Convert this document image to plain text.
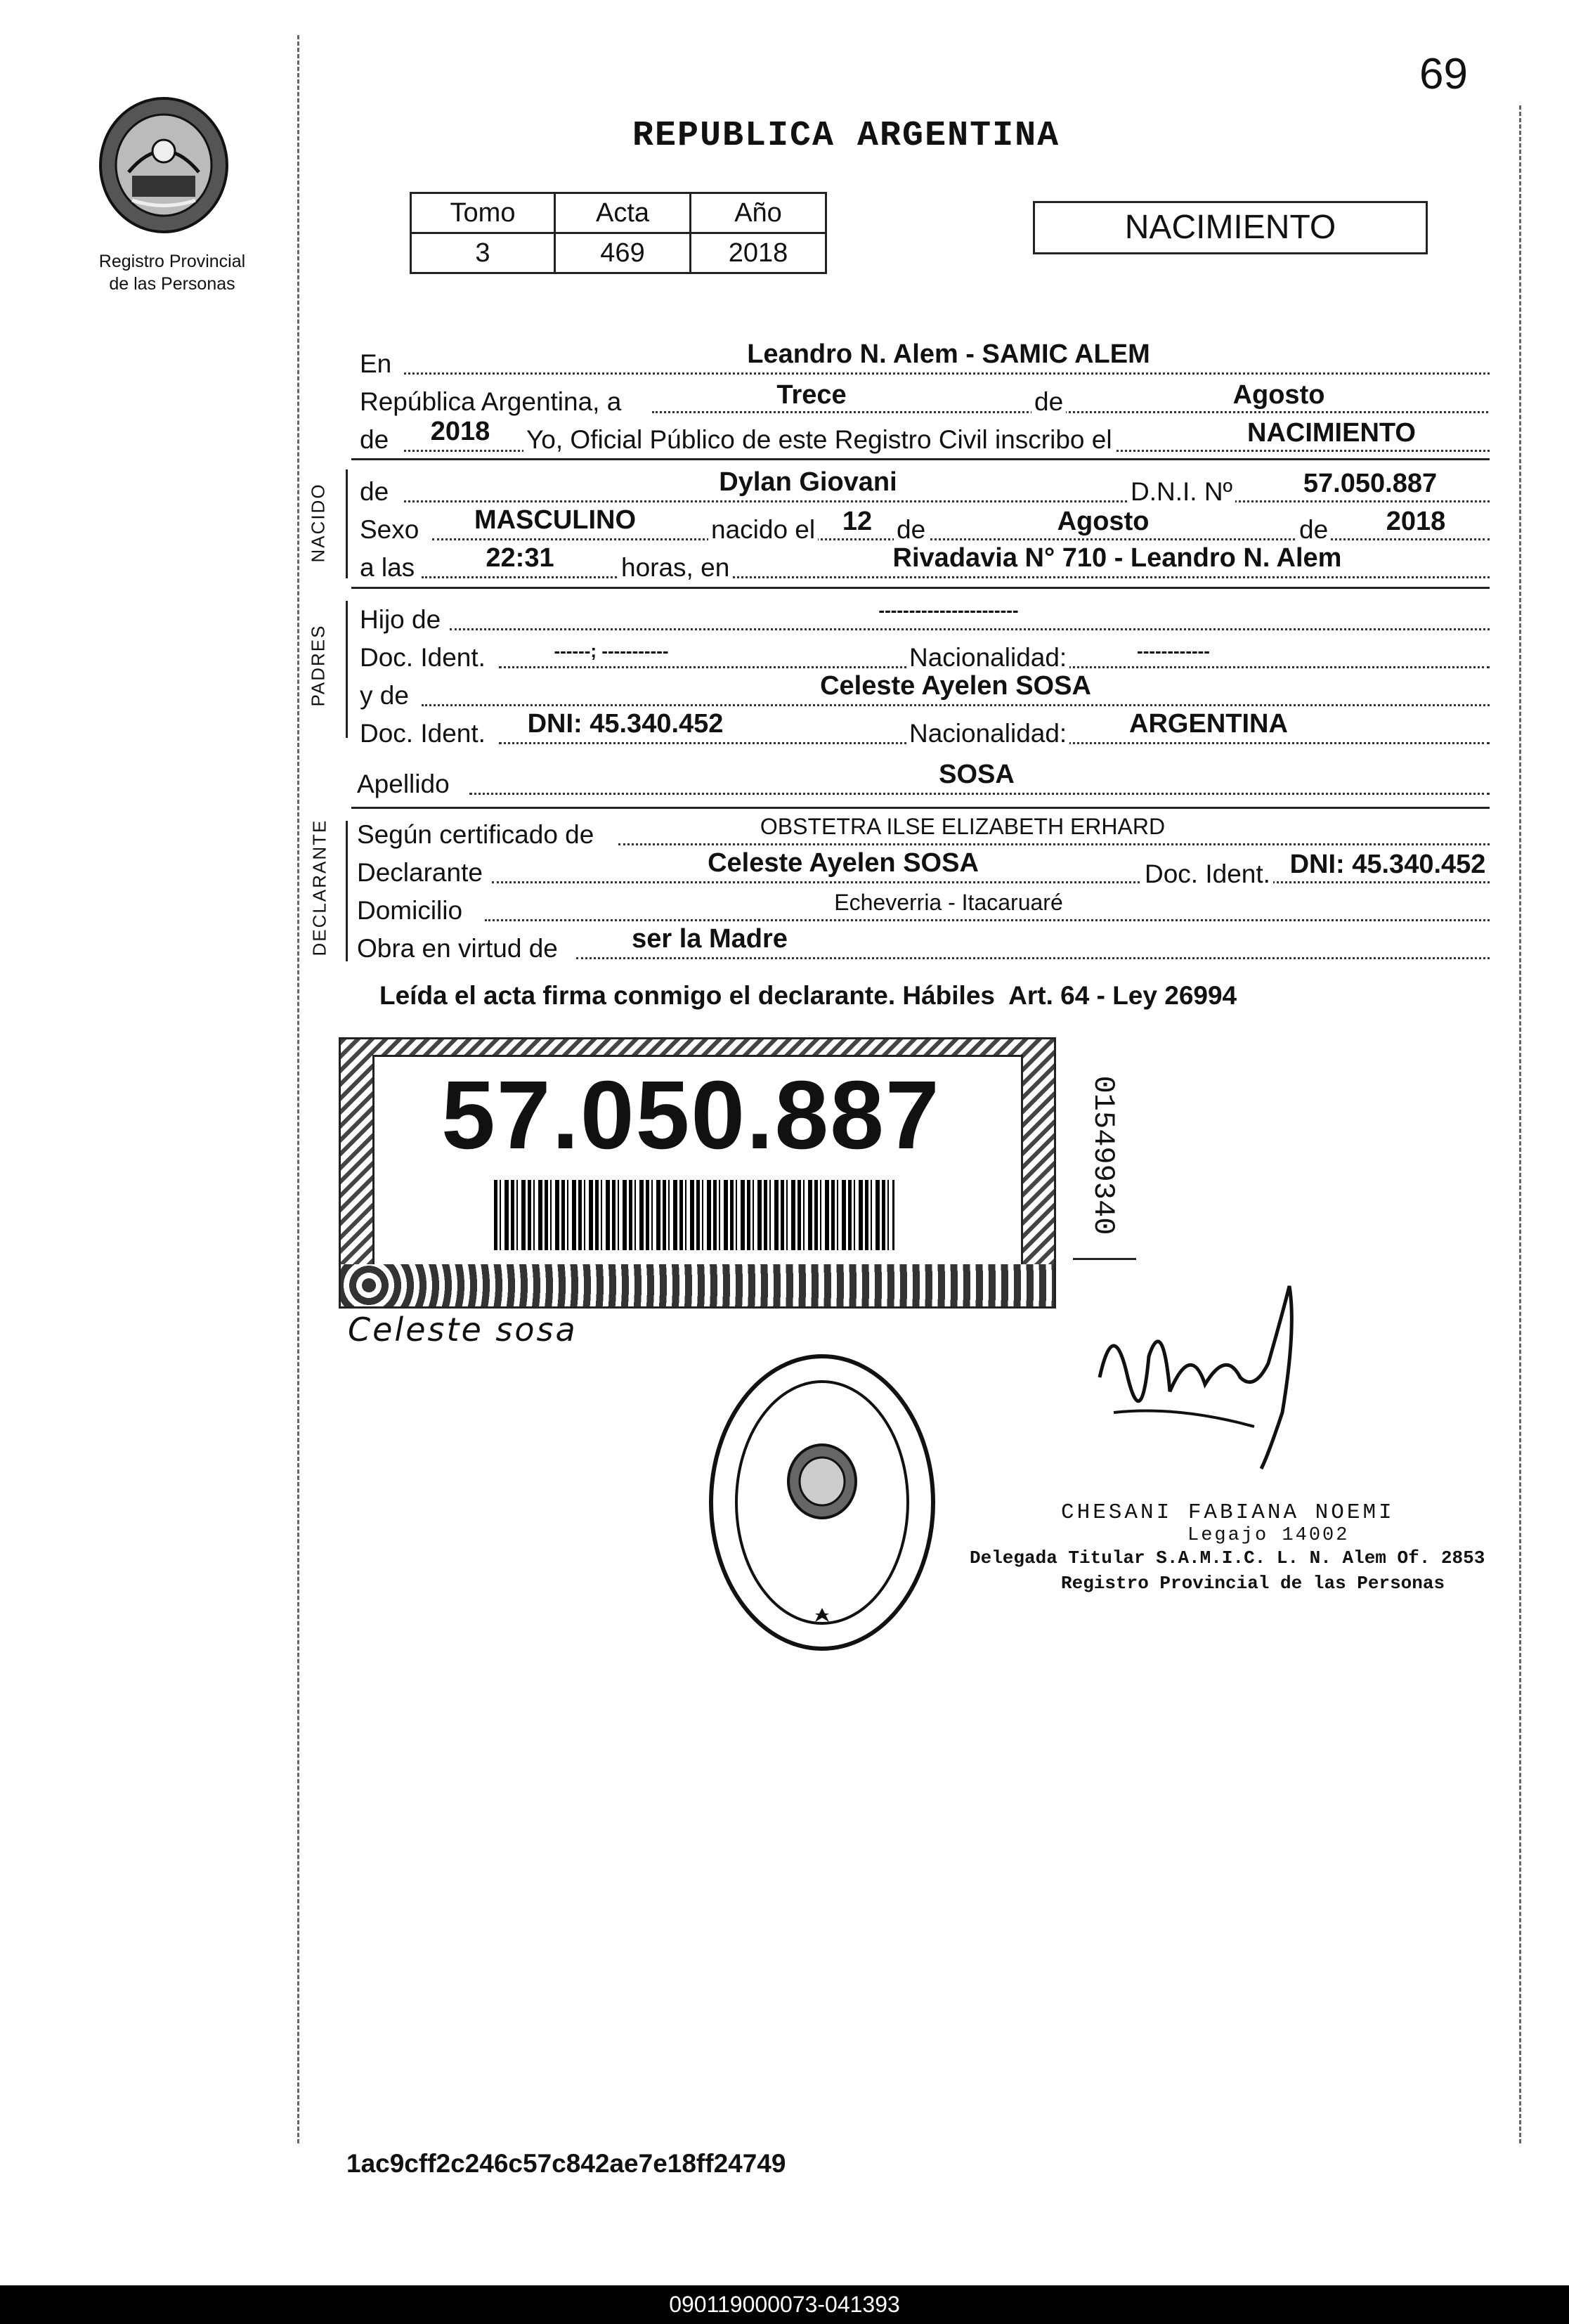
69
Registro Provincial
de las Personas
REPUBLICA ARGENTINA
Tomo	Acta	Año
3	469	2018
NACIMIENTO
En	Leandro N. Alem - SAMIC ALEM
República Argentina, a	Trece	de	Agosto
de	2018	Yo, Oficial Público de este Registro Civil inscribo el	NACIMIENTO
NACIDO de	Dylan Giovani	D.N.I. Nº	57.050.887
Sexo	MASCULINO	nacido el	12 de	Agosto	de	2018
a las	22:31	horas, en	Rivadavia N° 710 - Leandro N. Alem
PADRES
Hijo de	-----------------------
Doc. Ident.	------; -----------	Nacionalidad:	------------
y de	Celeste Ayelen SOSA
Doc. Ident.	DNI: 45.340.452	Nacionalidad:	ARGENTINA
Apellido	SOSA
DECLARANTE Según certificado de	OBSTETRA ILSE ELIZABETH ERHARD
Declarante	Celeste Ayelen SOSA	Doc. Ident. DNI: 45.340.452
Domicilio	Echeverria - Itacaruaré
Obra en virtud de	ser la Madre
Leída el acta firma conmigo el declarante. Hábiles  Art. 64 - Ley 26994
57.050.887	015499340
Celeste sosa
CHESANI FABIANA NOEMI
Legajo 14002
Delegada Titular S.A.M.I.C. L. N. Alem Of. 2853
Registro Provincial de las Personas
1ac9cff2c246c57c842ae7e18ff24749
090119000073-041393
